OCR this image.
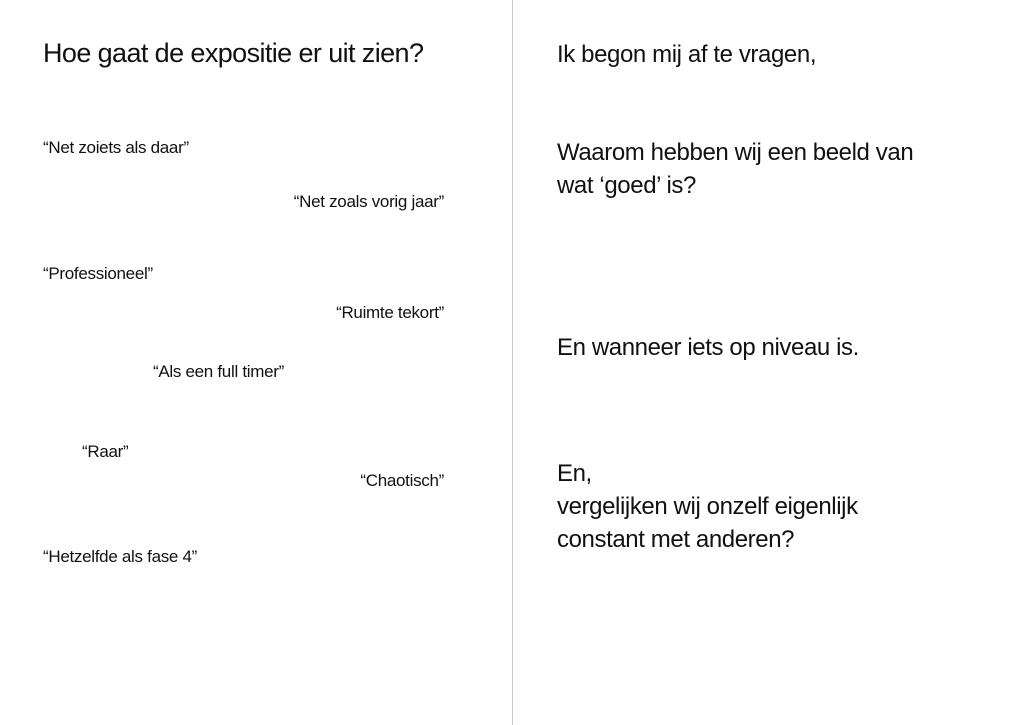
Hoe gaat de expositie er uit zien?
“Net zoiets als daar”
“Net zoals vorig jaar”
“Professioneel”
“Ruimte tekort”
“Als een full timer”
“Raar”
“Chaotisch”
“Hetzelfde als fase 4”
Ik begon mij af te vragen,
Waarom hebben wij een beeld van
wat ‘goed’ is?
En wanneer iets op niveau is.
En,
vergelijken wij onzelf eigenlijk
constant met anderen?
